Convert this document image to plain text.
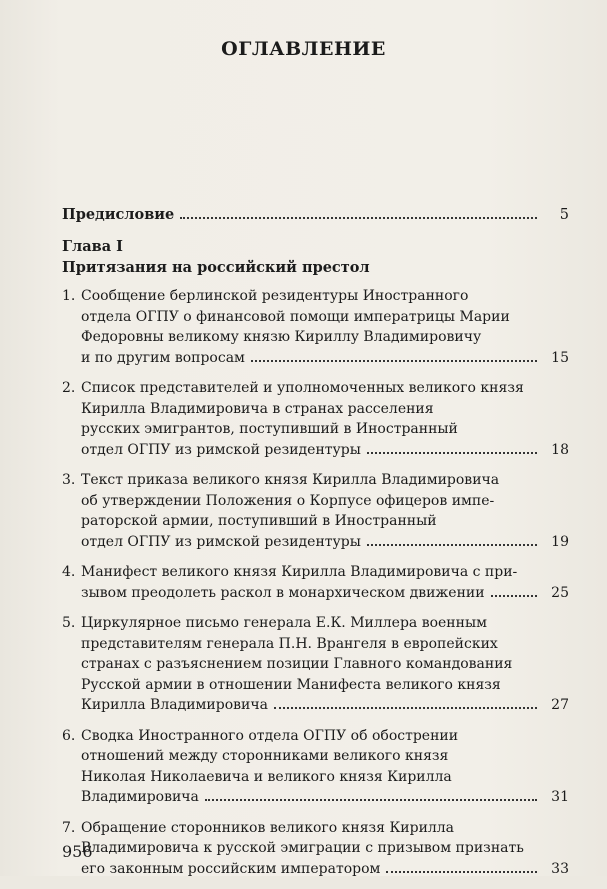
ОГЛАВЛЕНИЕ
Предисловие	5
Глава I
Притязания на российский престол
1. Сообщение берлинской резидентуры Иностранного
отдела ОГПУ о финансовой помощи императрицы Марии
Федоровны великому князю Кириллу Владимировичу
и по другим вопросам	15
2. Список представителей и уполномоченных великого князя
Кирилла Владимировича в странах расселения
русских эмигрантов, поступивший в Иностранный
отдел ОГПУ из римской резидентуры	18
3. Текст приказа великого князя Кирилла Владимировича
об утверждении Положения о Корпусе офицеров импе-
раторской армии, поступивший в Иностранный
отдел ОГПУ из римской резидентуры	19
4. Манифест великого князя Кирилла Владимировича с при-
зывом преодолеть раскол в монархическом движении	25
5. Циркулярное письмо генерала Е.К. Миллера военным
представителям генерала П.Н. Врангеля в европейских
странах с разъяснением позиции Главного командования
Русской армии в отношении Манифеста великого князя
Кирилла Владимировича	27
6. Сводка Иностранного отдела ОГПУ об обострении
отношений между сторонниками великого князя
Николая Николаевича и великого князя Кирилла
Владимировича	31
7. Обращение сторонников великого князя Кирилла
Владимировича к русской эмиграции с призывом признать
его законным российским императором	33
956
